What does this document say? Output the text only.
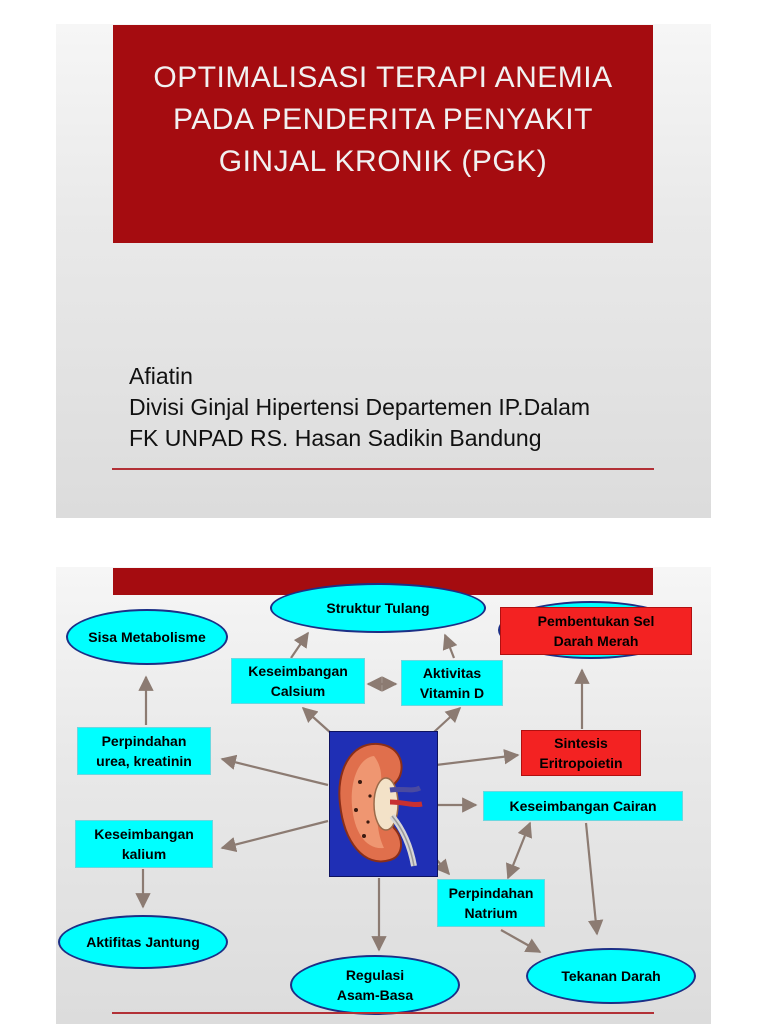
OPTIMALISASI TERAPI ANEMIA
PADA PENDERITA PENYAKIT
GINJAL KRONIK (PGK)
Afiatin
Divisi Ginjal Hipertensi Departemen IP.Dalam
FK UNPAD RS. Hasan Sadikin Bandung
Struktur Tulang
Sisa Metabolisme
Pembentukan Sel
Darah Merah
Keseimbangan
Calsium
Aktivitas
Vitamin D
Perpindahan
urea, kreatinin
Sintesis
Eritropoietin
Keseimbangan Cairan
Keseimbangan
kalium
Perpindahan
Natrium
Aktifitas Jantung
Regulasi
Asam-Basa
Tekanan Darah
